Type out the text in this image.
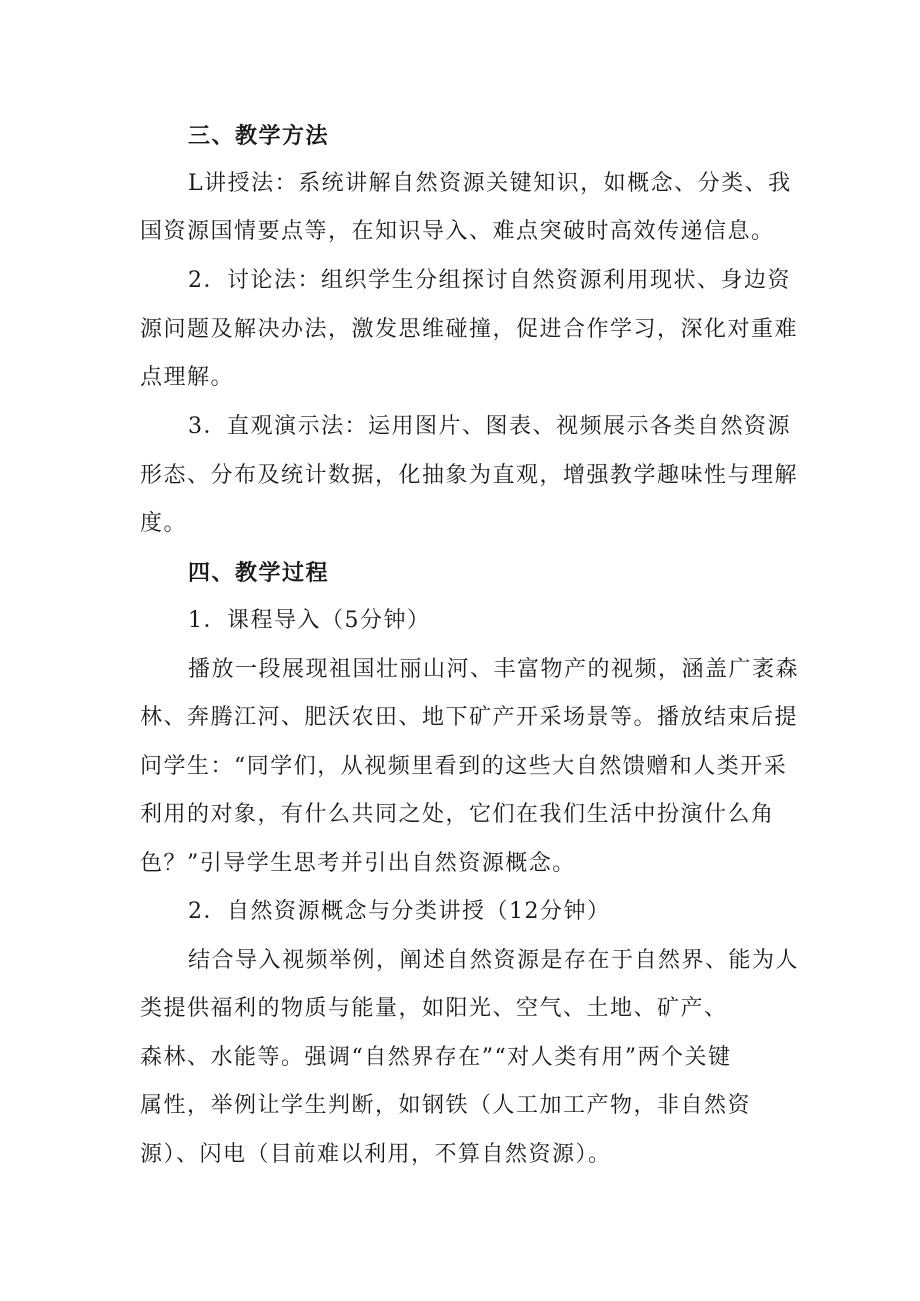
三、教学方法
L讲授法：系统讲解自然资源关键知识，如概念、分类、我
国资源国情要点等，在知识导入、难点突破时高效传递信息。
2．讨论法：组织学生分组探讨自然资源利用现状、身边资
源问题及解决办法，激发思维碰撞，促进合作学习，深化对重难
点理解。
3．直观演示法：运用图片、图表、视频展示各类自然资源
形态、分布及统计数据，化抽象为直观，增强教学趣味性与理解
度。
四、教学过程
1．课程导入（5分钟）
播放一段展现祖国壮丽山河、丰富物产的视频，涵盖广袤森
林、奔腾江河、肥沃农田、地下矿产开采场景等。播放结束后提
问学生：“同学们，从视频里看到的这些大自然馈赠和人类开采
利用的对象，有什么共同之处，它们在我们生活中扮演什么角
色？”引导学生思考并引出自然资源概念。
2．自然资源概念与分类讲授（12分钟）
结合导入视频举例，阐述自然资源是存在于自然界、能为人
类提供福利的物质与能量，如阳光、空气、土地、矿产、
森林、水能等。强调“自然界存在”“对人类有用”两个关键
属性，举例让学生判断，如钢铁（人工加工产物，非自然资
源）、闪电（目前难以利用，不算自然资源）。
